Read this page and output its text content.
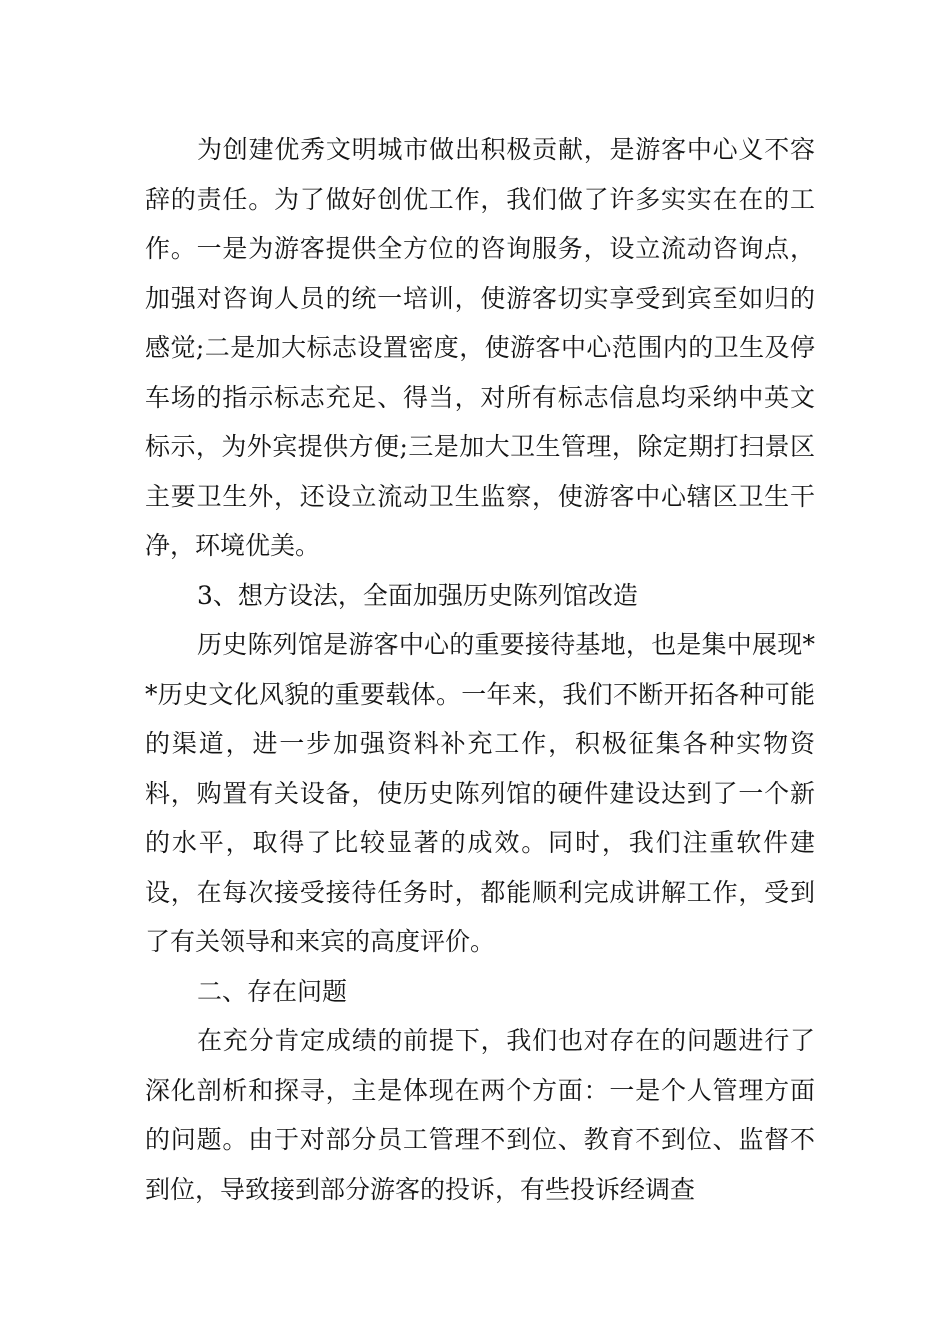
为创建优秀文明城市做出积极贡献，是游客中心义不容辞的责任。为了做好创优工作，我们做了许多实实在在的工作。一是为游客提供全方位的咨询服务，设立流动咨询点，加强对咨询人员的统一培训，使游客切实享受到宾至如归的感觉;二是加大标志设置密度，使游客中心范围内的卫生及停车场的指示标志充足、得当，对所有标志信息均采纳中英文标示，为外宾提供方便;三是加大卫生管理，除定期打扫景区主要卫生外，还设立流动卫生监察，使游客中心辖区卫生干净，环境优美。

3、想方设法，全面加强历史陈列馆改造

历史陈列馆是游客中心的重要接待基地，也是集中展现**历史文化风貌的重要载体。一年来，我们不断开拓各种可能的渠道，进一步加强资料补充工作，积极征集各种实物资料，购置有关设备，使历史陈列馆的硬件建设达到了一个新的水平，取得了比较显著的成效。同时，我们注重软件建设，在每次接受接待任务时，都能顺利完成讲解工作，受到了有关领导和来宾的高度评价。

二、存在问题

在充分肯定成绩的前提下，我们也对存在的问题进行了深化剖析和探寻，主是体现在两个方面：一是个人管理方面的问题。由于对部分员工管理不到位、教育不到位、监督不到位，导致接到部分游客的投诉，有些投诉经调查
